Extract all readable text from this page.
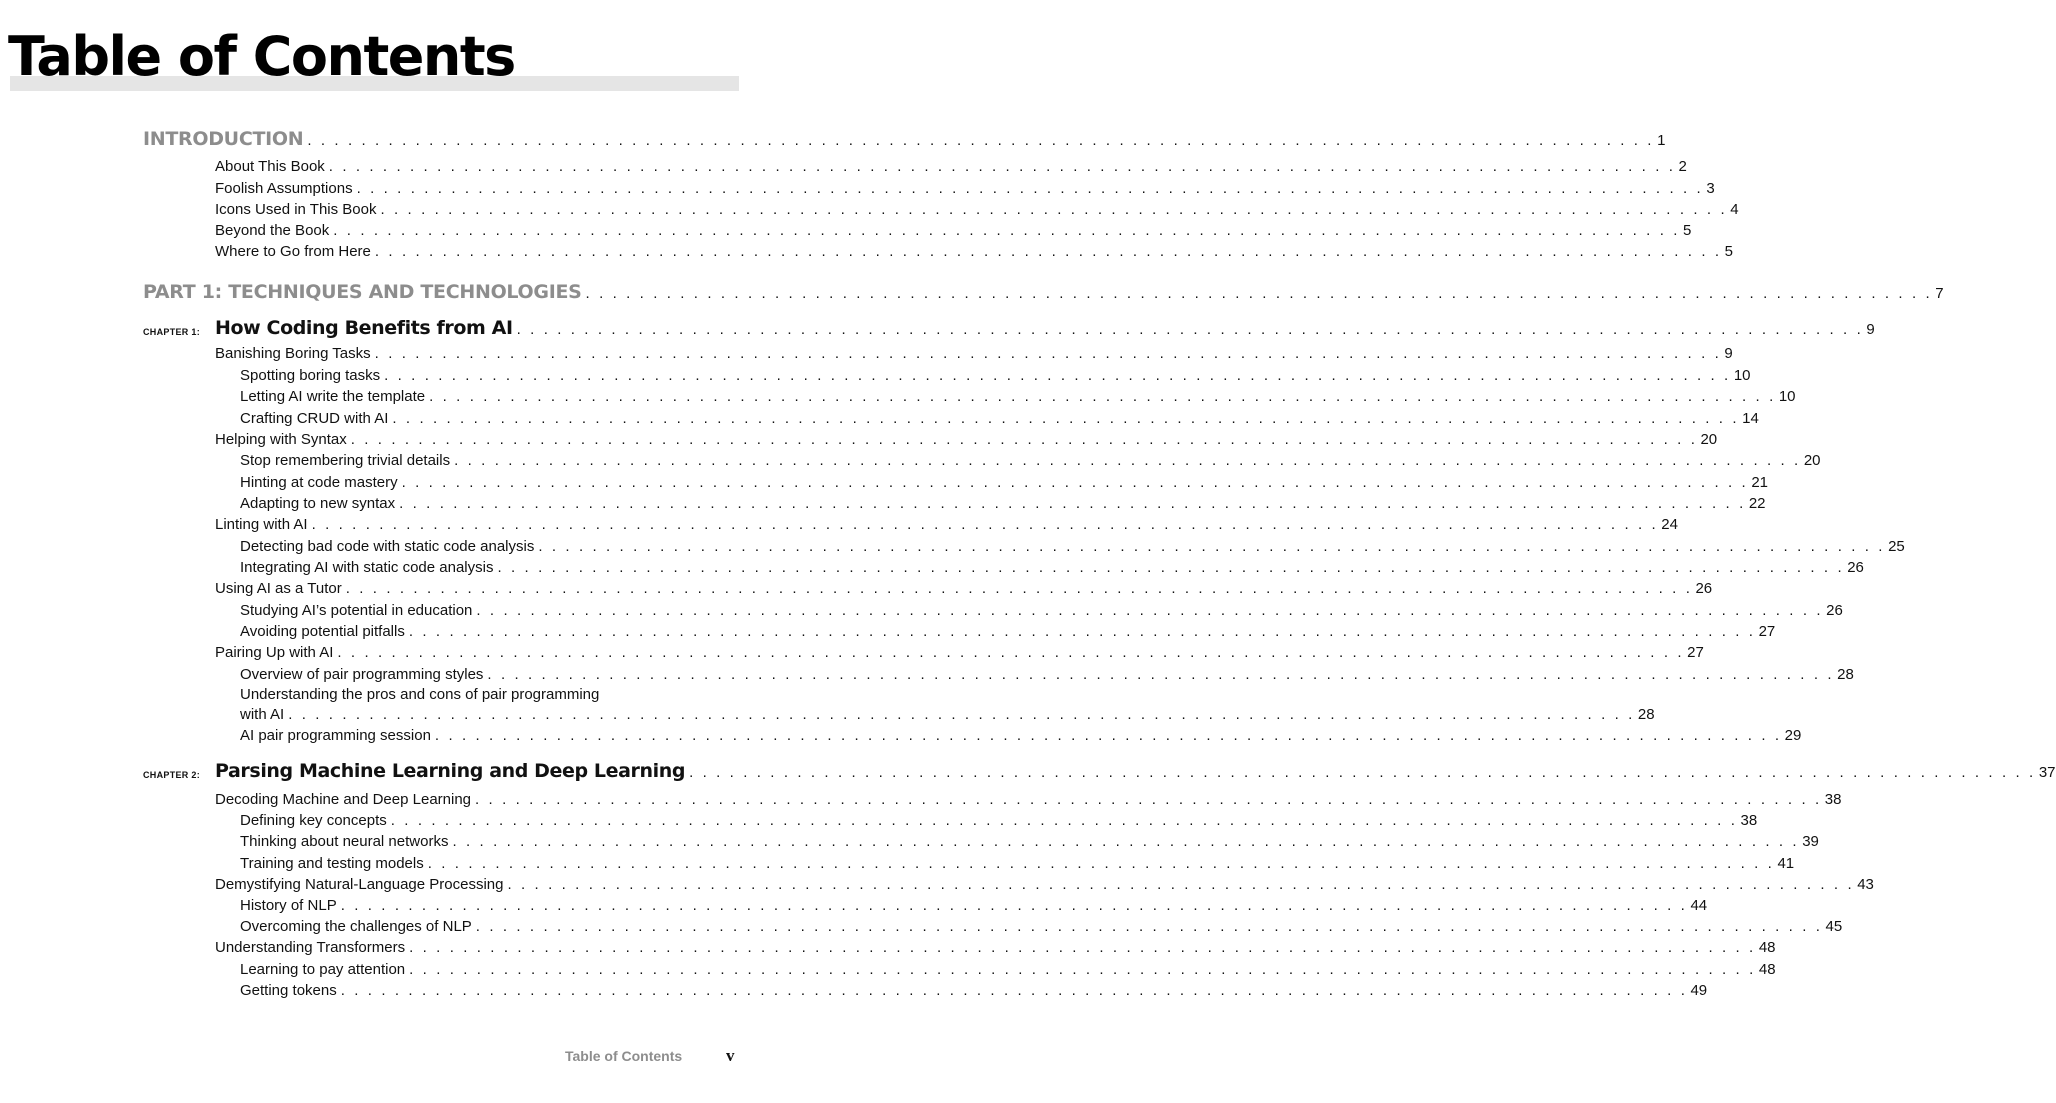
Table of Contents
INTRODUCTION . . . . . . . . . . . . . . . . . . . . . . . . . . . . . . . . . . . . . . . . . . . . . . . . . . . . . . . . . . . . . . . . . . . . . . . . . . . . . . . . . . . . . . . . . . . . . . . . . . . . 1
About This Book . . . . . . . . . . . . . . . . . . . . . . . . . . . . . . . . . . . . . . . . . . . . . . . . . . . . . . . . . . . . . . . . . . . . . . . . . . . . . . . . . . . . . . . . . . . . . . . . . . . . 2
Foolish Assumptions . . . . . . . . . . . . . . . . . . . . . . . . . . . . . . . . . . . . . . . . . . . . . . . . . . . . . . . . . . . . . . . . . . . . . . . . . . . . . . . . . . . . . . . . . . . . . . . . . . . . 3
Icons Used in This Book . . . . . . . . . . . . . . . . . . . . . . . . . . . . . . . . . . . . . . . . . . . . . . . . . . . . . . . . . . . . . . . . . . . . . . . . . . . . . . . . . . . . . . . . . . . . . . . . . . . . 4
Beyond the Book . . . . . . . . . . . . . . . . . . . . . . . . . . . . . . . . . . . . . . . . . . . . . . . . . . . . . . . . . . . . . . . . . . . . . . . . . . . . . . . . . . . . . . . . . . . . . . . . . . . . 5
Where to Go from Here . . . . . . . . . . . . . . . . . . . . . . . . . . . . . . . . . . . . . . . . . . . . . . . . . . . . . . . . . . . . . . . . . . . . . . . . . . . . . . . . . . . . . . . . . . . . . . . . . . . . 5
PART 1: TECHNIQUES AND TECHNOLOGIES . . . . . . . . . . . . . . . . . . . . . . . . . . . . . . . . . . . . . . . . . . . . . . . . . . . . . . . . . . . . . . . . . . . . . . . . . . . . . . . . . . . . . . . . . . . . . . . . . . . . 7
CHAPTER 1: How Coding Benefits from AI . . . . . . . . . . . . . . . . . . . . . . . . . . . . . . . . . . . . . . . . . . . . . . . . . . . . . . . . . . . . . . . . . . . . . . . . . . . . . . . . . . . . . . . . . . . . . . . . . . . . 9
Banishing Boring Tasks . . . . . . . . . . . . . . . . . . . . . . . . . . . . . . . . . . . . . . . . . . . . . . . . . . . . . . . . . . . . . . . . . . . . . . . . . . . . . . . . . . . . . . . . . . . . . . . . . . . . 9
Spotting boring tasks . . . . . . . . . . . . . . . . . . . . . . . . . . . . . . . . . . . . . . . . . . . . . . . . . . . . . . . . . . . . . . . . . . . . . . . . . . . . . . . . . . . . . . . . . . . . . . . . . . . . 10
Letting AI write the template . . . . . . . . . . . . . . . . . . . . . . . . . . . . . . . . . . . . . . . . . . . . . . . . . . . . . . . . . . . . . . . . . . . . . . . . . . . . . . . . . . . . . . . . . . . . . . . . . . . . 10
Crafting CRUD with AI . . . . . . . . . . . . . . . . . . . . . . . . . . . . . . . . . . . . . . . . . . . . . . . . . . . . . . . . . . . . . . . . . . . . . . . . . . . . . . . . . . . . . . . . . . . . . . . . . . . . 14
Helping with Syntax . . . . . . . . . . . . . . . . . . . . . . . . . . . . . . . . . . . . . . . . . . . . . . . . . . . . . . . . . . . . . . . . . . . . . . . . . . . . . . . . . . . . . . . . . . . . . . . . . . . . 20
Stop remembering trivial details . . . . . . . . . . . . . . . . . . . . . . . . . . . . . . . . . . . . . . . . . . . . . . . . . . . . . . . . . . . . . . . . . . . . . . . . . . . . . . . . . . . . . . . . . . . . . . . . . . . . 20
Hinting at code mastery . . . . . . . . . . . . . . . . . . . . . . . . . . . . . . . . . . . . . . . . . . . . . . . . . . . . . . . . . . . . . . . . . . . . . . . . . . . . . . . . . . . . . . . . . . . . . . . . . . . . 21
Adapting to new syntax . . . . . . . . . . . . . . . . . . . . . . . . . . . . . . . . . . . . . . . . . . . . . . . . . . . . . . . . . . . . . . . . . . . . . . . . . . . . . . . . . . . . . . . . . . . . . . . . . . . . 22
Linting with AI . . . . . . . . . . . . . . . . . . . . . . . . . . . . . . . . . . . . . . . . . . . . . . . . . . . . . . . . . . . . . . . . . . . . . . . . . . . . . . . . . . . . . . . . . . . . . . . . . . . . 24
Detecting bad code with static code analysis . . . . . . . . . . . . . . . . . . . . . . . . . . . . . . . . . . . . . . . . . . . . . . . . . . . . . . . . . . . . . . . . . . . . . . . . . . . . . . . . . . . . . . . . . . . . . . . . . . . . 25
Integrating AI with static code analysis . . . . . . . . . . . . . . . . . . . . . . . . . . . . . . . . . . . . . . . . . . . . . . . . . . . . . . . . . . . . . . . . . . . . . . . . . . . . . . . . . . . . . . . . . . . . . . . . . . . . 26
Using AI as a Tutor . . . . . . . . . . . . . . . . . . . . . . . . . . . . . . . . . . . . . . . . . . . . . . . . . . . . . . . . . . . . . . . . . . . . . . . . . . . . . . . . . . . . . . . . . . . . . . . . . . . . 26
Studying AI’s potential in education . . . . . . . . . . . . . . . . . . . . . . . . . . . . . . . . . . . . . . . . . . . . . . . . . . . . . . . . . . . . . . . . . . . . . . . . . . . . . . . . . . . . . . . . . . . . . . . . . . . . 26
Avoiding potential pitfalls . . . . . . . . . . . . . . . . . . . . . . . . . . . . . . . . . . . . . . . . . . . . . . . . . . . . . . . . . . . . . . . . . . . . . . . . . . . . . . . . . . . . . . . . . . . . . . . . . . . . 27
Pairing Up with AI . . . . . . . . . . . . . . . . . . . . . . . . . . . . . . . . . . . . . . . . . . . . . . . . . . . . . . . . . . . . . . . . . . . . . . . . . . . . . . . . . . . . . . . . . . . . . . . . . . . . 27
Overview of pair programming styles . . . . . . . . . . . . . . . . . . . . . . . . . . . . . . . . . . . . . . . . . . . . . . . . . . . . . . . . . . . . . . . . . . . . . . . . . . . . . . . . . . . . . . . . . . . . . . . . . . . . 28
Understanding the pros and cons of pair programming
with AI . . . . . . . . . . . . . . . . . . . . . . . . . . . . . . . . . . . . . . . . . . . . . . . . . . . . . . . . . . . . . . . . . . . . . . . . . . . . . . . . . . . . . . . . . . . . . . . . . . . . 28
AI pair programming session . . . . . . . . . . . . . . . . . . . . . . . . . . . . . . . . . . . . . . . . . . . . . . . . . . . . . . . . . . . . . . . . . . . . . . . . . . . . . . . . . . . . . . . . . . . . . . . . . . . . 29
CHAPTER 2: Parsing Machine Learning and Deep Learning . . . . . . . . . . . . . . . . . . . . . . . . . . . . . . . . . . . . . . . . . . . . . . . . . . . . . . . . . . . . . . . . . . . . . . . . . . . . . . . . . . . . . . . . . . . . . . . . . . . . 37
Decoding Machine and Deep Learning . . . . . . . . . . . . . . . . . . . . . . . . . . . . . . . . . . . . . . . . . . . . . . . . . . . . . . . . . . . . . . . . . . . . . . . . . . . . . . . . . . . . . . . . . . . . . . . . . . . . 38
Defining key concepts . . . . . . . . . . . . . . . . . . . . . . . . . . . . . . . . . . . . . . . . . . . . . . . . . . . . . . . . . . . . . . . . . . . . . . . . . . . . . . . . . . . . . . . . . . . . . . . . . . . . 38
Thinking about neural networks . . . . . . . . . . . . . . . . . . . . . . . . . . . . . . . . . . . . . . . . . . . . . . . . . . . . . . . . . . . . . . . . . . . . . . . . . . . . . . . . . . . . . . . . . . . . . . . . . . . . 39
Training and testing models . . . . . . . . . . . . . . . . . . . . . . . . . . . . . . . . . . . . . . . . . . . . . . . . . . . . . . . . . . . . . . . . . . . . . . . . . . . . . . . . . . . . . . . . . . . . . . . . . . . . 41
Demystifying Natural-Language Processing . . . . . . . . . . . . . . . . . . . . . . . . . . . . . . . . . . . . . . . . . . . . . . . . . . . . . . . . . . . . . . . . . . . . . . . . . . . . . . . . . . . . . . . . . . . . . . . . . . . . 43
History of NLP . . . . . . . . . . . . . . . . . . . . . . . . . . . . . . . . . . . . . . . . . . . . . . . . . . . . . . . . . . . . . . . . . . . . . . . . . . . . . . . . . . . . . . . . . . . . . . . . . . . . 44
Overcoming the challenges of NLP . . . . . . . . . . . . . . . . . . . . . . . . . . . . . . . . . . . . . . . . . . . . . . . . . . . . . . . . . . . . . . . . . . . . . . . . . . . . . . . . . . . . . . . . . . . . . . . . . . . . 45
Understanding Transformers . . . . . . . . . . . . . . . . . . . . . . . . . . . . . . . . . . . . . . . . . . . . . . . . . . . . . . . . . . . . . . . . . . . . . . . . . . . . . . . . . . . . . . . . . . . . . . . . . . . . 48
Learning to pay attention . . . . . . . . . . . . . . . . . . . . . . . . . . . . . . . . . . . . . . . . . . . . . . . . . . . . . . . . . . . . . . . . . . . . . . . . . . . . . . . . . . . . . . . . . . . . . . . . . . . . 48
Getting tokens . . . . . . . . . . . . . . . . . . . . . . . . . . . . . . . . . . . . . . . . . . . . . . . . . . . . . . . . . . . . . . . . . . . . . . . . . . . . . . . . . . . . . . . . . . . . . . . . . . . . 49
Table of Contents	v
